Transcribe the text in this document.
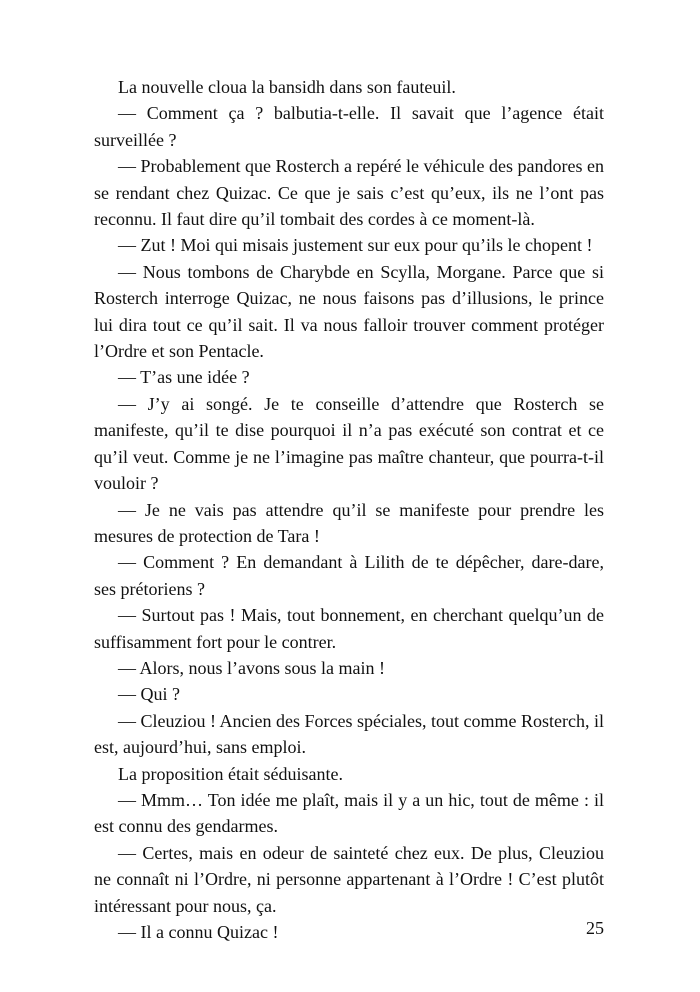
La nouvelle cloua la bansidh dans son fauteuil.

— Comment ça ? balbutia-t-elle. Il savait que l’agence était surveillée ?

— Probablement que Rosterch a repéré le véhicule des pandores en se rendant chez Quizac. Ce que je sais c’est qu’eux, ils ne l’ont pas reconnu. Il faut dire qu’il tombait des cordes à ce moment-là.

— Zut ! Moi qui misais justement sur eux pour qu’ils le chopent !

— Nous tombons de Charybde en Scylla, Morgane. Parce que si Rosterch interroge Quizac, ne nous faisons pas d’illusions, le prince lui dira tout ce qu’il sait. Il va nous falloir trouver comment protéger l’Ordre et son Pentacle.

— T’as une idée ?

— J’y ai songé. Je te conseille d’attendre que Rosterch se manifeste, qu’il te dise pourquoi il n’a pas exécuté son contrat et ce qu’il veut. Comme je ne l’imagine pas maître chanteur, que pourra-t-il vouloir ?

— Je ne vais pas attendre qu’il se manifeste pour prendre les mesures de protection de Tara !

— Comment ? En demandant à Lilith de te dépêcher, dare-dare, ses prétoriens ?

— Surtout pas ! Mais, tout bonnement, en cherchant quelqu’un de suffisamment fort pour le contrer.

— Alors, nous l’avons sous la main !

— Qui ?

— Cleuziou ! Ancien des Forces spéciales, tout comme Rosterch, il est, aujourd’hui, sans emploi.

La proposition était séduisante.

— Mmm… Ton idée me plaît, mais il y a un hic, tout de même : il est connu des gendarmes.

— Certes, mais en odeur de sainteté chez eux. De plus, Cleuziou ne connaît ni l’Ordre, ni personne appartenant à l’Ordre ! C’est plutôt intéressant pour nous, ça.

— Il a connu Quizac !	25
